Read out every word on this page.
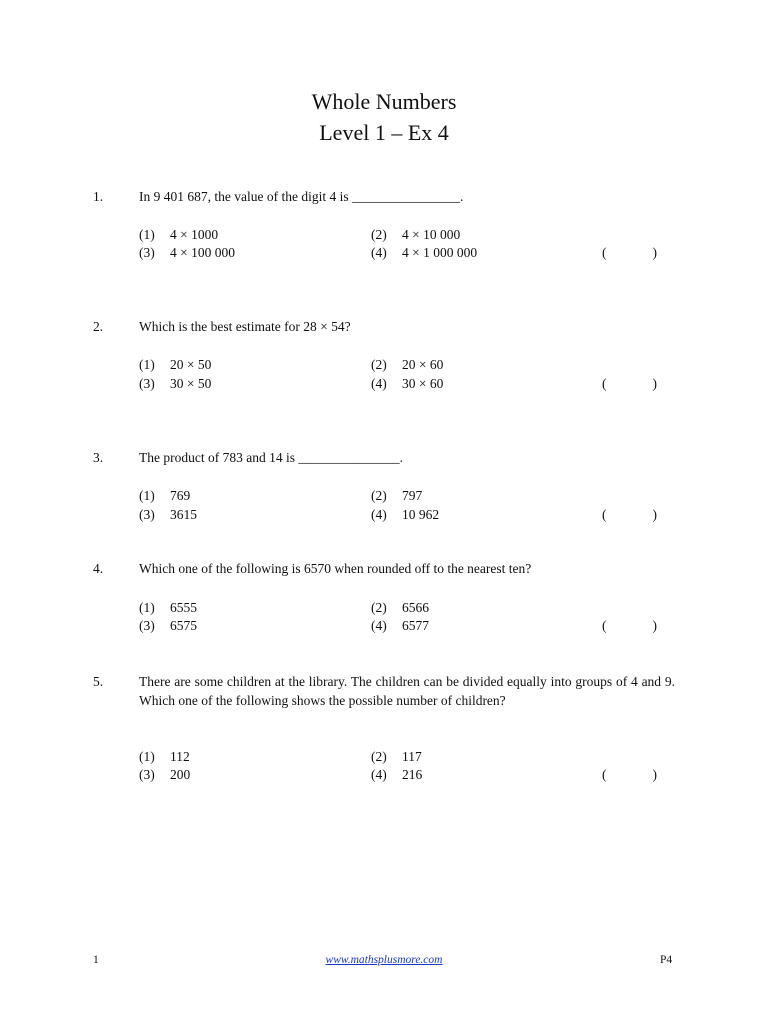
Whole Numbers
Level 1 – Ex 4
1.	In 9 401 687, the value of the digit 4 is ________________.
(1) 4 × 1000	(2) 4 × 10 000
(3) 4 × 100 000	(4) 4 × 1 000 000	(	)
2.	Which is the best estimate for 28 × 54?
(1) 20 × 50	(2) 20 × 60
(3) 30 × 50	(4) 30 × 60	(	)
3.	The product of 783 and 14 is _______________.
(1) 769	(2) 797
(3) 3615	(4) 10 962	(	)
4.	Which one of the following is 6570 when rounded off to the nearest ten?
(1) 6555	(2) 6566
(3) 6575	(4) 6577	(	)
5.	There are some children at the library. The children can be divided equally into groups of 4 and 9. Which one of the following shows the possible number of children?
(1) 112	(2) 117
(3) 200	(4) 216	(	)
1	www.mathsplusmore.com	P4
